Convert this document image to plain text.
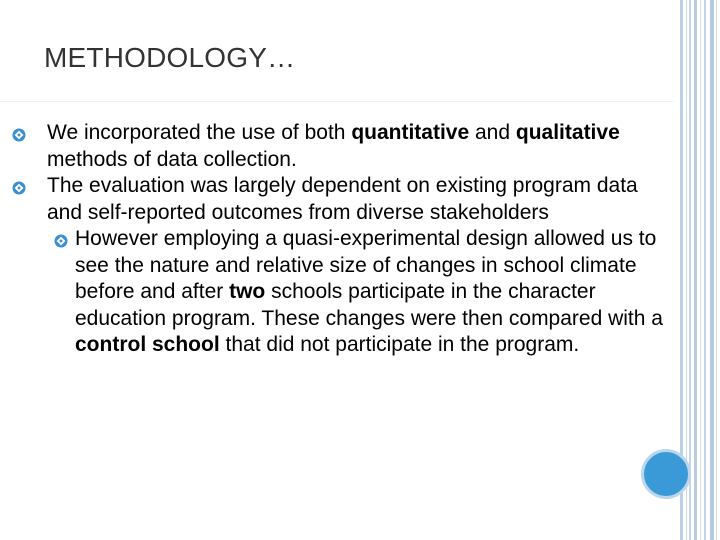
METHODOLOGY…
We incorporated the use of both quantitative and qualitative methods of data collection.
The evaluation was largely dependent on existing program data and self-reported outcomes from diverse stakeholders
However employing a quasi-experimental design allowed us to see the nature and relative size of changes in school climate before and after two schools participate in the character education program. These changes were then compared with a control school that did not participate in the program.
